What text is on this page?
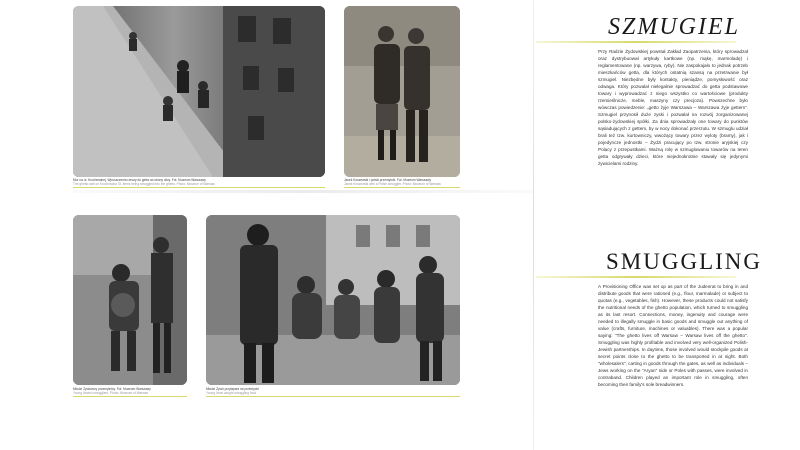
Mur na ul. Krochmalnej. Wpuszczenia rzeczy do getta od strony ulicy. Fot. Muzeum Warszawy
The ghetto wall on Krochmalna St. Items being smuggled into the ghetto. Photo: Museum of Warsaw
Jacek Koszewski i polski przemytnik. Fot. Muzeum Warszawy
Jacek Koszewski with a Polish smuggler. Photo: Museum of Warsaw
Młodzi Żydowscy przemytnicy. Fot. Muzeum Warszawy
Young Jewish smugglers. Photo: Museum of Warsaw
Młodzi Żydzi przyłapani na przemycie
Young Jews caught smuggling food
SZMUGIEL
Przy Radzie Żydowskiej powstał Zakład Zaopatrzenia, który sprowadzał oraz dystrybuował artykuły kartkowe (np. mąkę, marmoladę) i reglamentowane (np. warzywa, ryby). Nie zaspokajało to jednak potrzeb mieszkańców getta, dla których ostatnią szansą na przetrwanie był szmugiel. Niezbędne były kontakty, pieniądze, pomysłowość oraz odwaga. Który pozwalał nielegalnie sprowadzać do getta podstawowe towary i wyprowadzać z niego wszystko co wartościowe (produkty rzemieślnicze, meble, maszyny czy precjoza). Powszechne było wówczas powiedzenie: „getto żyje Warszawa – Warszawa żyje gettem". Szmugiel przynosił duże zyski i pozwalał na rozwój zorganizowanej polsko-żydowskiej spółki. Za dnia sprowadzały one towary do punktów sąsiadujących z gettem, by w nocy dokonać przerzutu. W szmuglu udział brali też tzw. kurtowniczy, wwożący towary przez wyloty (bramy), jak i pojedyncze jednostki – Żydzi pracujący po tzw. stronie aryjskiej czy Polacy z przepustkami. Ważną rolę w szmuglowaniu towarów na teren getta odgrywały dzieci, które niejednokrotnie stawały się jedynymi żywicielami rodziny.
SMUGGLING
A Provisioning Office was set up as part of the Judenrat to bring in and distribute goods that were rationed (e.g., flour, marmalade) or subject to quotas (e.g., vegetables, fish). However, these products could not satisfy the nutritional needs of the ghetto population, which turned to smuggling as its last resort. Connections, money, ingenuity and courage were needed to illegally smuggle in basic goods and smuggle out anything of value (crafts, furniture, machines or valuables). There was a popular saying: "The ghetto lives off Warsaw – Warsaw lives off the ghetto". Smuggling was highly profitable and involved very well-organized Polish-Jewish partnerships. In daytime, those involved would stockpile goods at secret points close to the ghetto to be transported in at night. Both "wholesalers", carting in goods through the gates, as well as individuals – Jews working on the "Aryan" side or Poles with passes, were involved in contraband. Children played an important role in smuggling, often becoming their family's sole breadwinners.
